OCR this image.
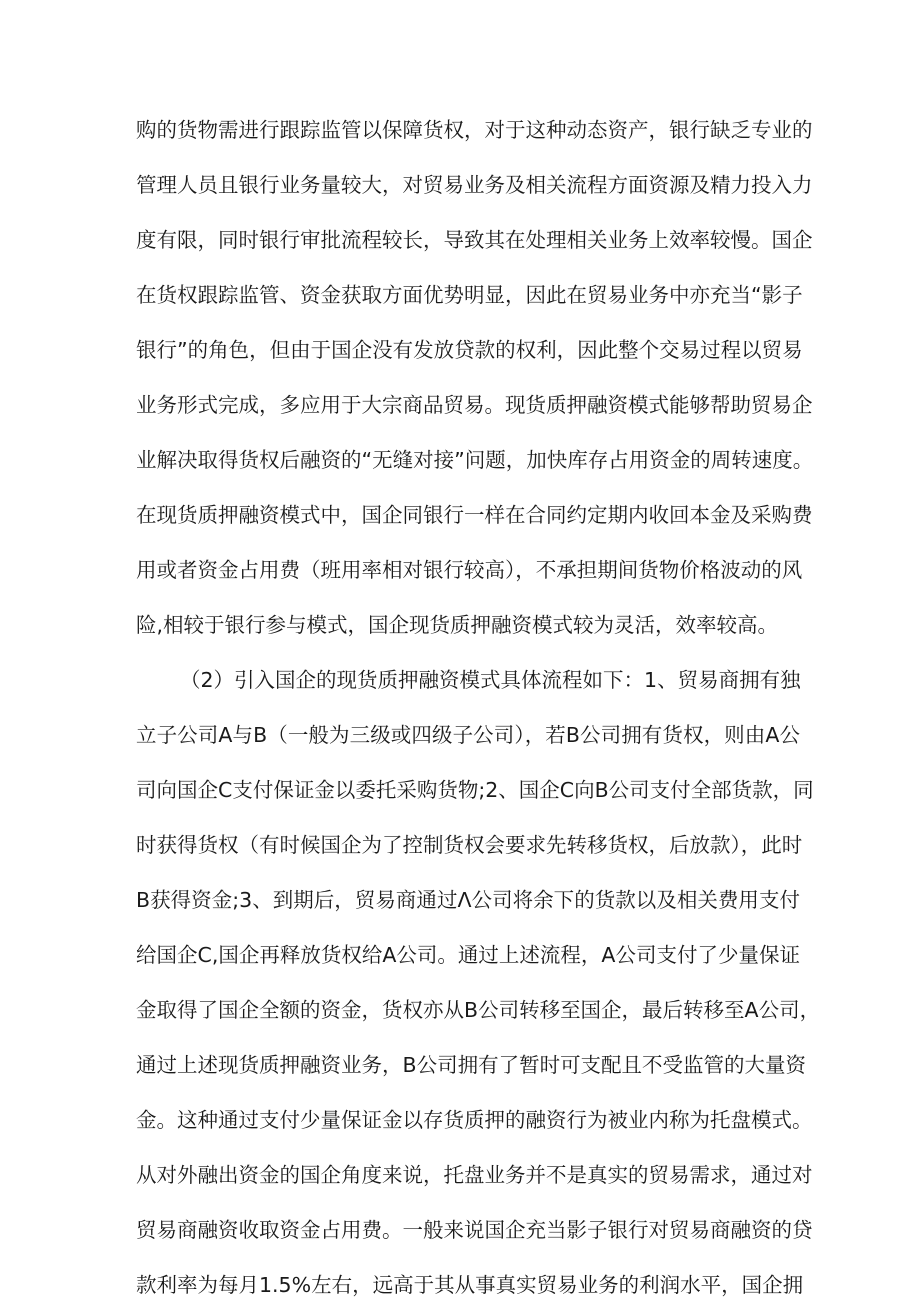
购的货物需进行跟踪监管以保障货权，对于这种动态资产，银行缺乏专业的
管理人员且银行业务量较大，对贸易业务及相关流程方面资源及精力投入力
度有限，同时银行审批流程较长，导致其在处理相关业务上效率较慢。国企
在货权跟踪监管、资金获取方面优势明显，因此在贸易业务中亦充当“影子
银行”的角色，但由于国企没有发放贷款的权利，因此整个交易过程以贸易
业务形式完成，多应用于大宗商品贸易。现货质押融资模式能够帮助贸易企
业解决取得货权后融资的“无缝对接”问题，加快库存占用资金的周转速度。
在现货质押融资模式中，国企同银行一样在合同约定期内收回本金及采购费
用或者资金占用费（班用率相对银行较高），不承担期间货物价格波动的风
险,相较于银行参与模式，国企现货质押融资模式较为灵活，效率较高。
（2）引入国企的现货质押融资模式具体流程如下：1、贸易商拥有独
立子公司A与B（一般为三级或四级子公司），若B公司拥有货权，则由A公
司向国企C支付保证金以委托采购货物;2、国企C向B公司支付全部货款，同
时获得货权（有时候国企为了控制货权会要求先转移货权，后放款），此时
B获得资金;3、到期后，贸易商通过Λ公司将余下的货款以及相关费用支付
给国企C,国企再释放货权给A公司。通过上述流程，A公司支付了少量保证
金取得了国企全额的资金，货权亦从B公司转移至国企，最后转移至A公司，
通过上述现货质押融资业务，B公司拥有了暂时可支配且不受监管的大量资
金。这种通过支付少量保证金以存货质押的融资行为被业内称为托盘模式。
从对外融出资金的国企角度来说，托盘业务并不是真实的贸易需求，通过对
贸易商融资收取资金占用费。一般来说国企充当影子银行对贸易商融资的贷
款利率为每月1.5%左右，远高于其从事真实贸易业务的利润水平，国企拥
